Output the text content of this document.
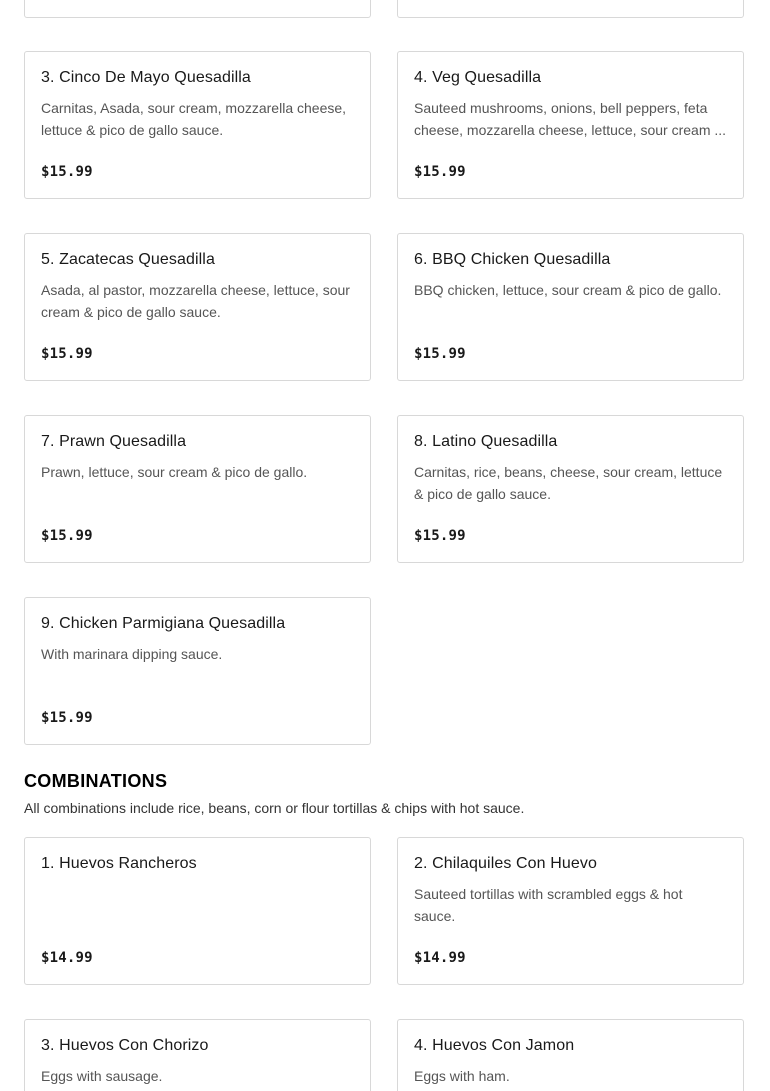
3. Cinco De Mayo Quesadilla
Carnitas, Asada, sour cream, mozzarella cheese, lettuce & pico de gallo sauce.
$15.99
4. Veg Quesadilla
Sauteed mushrooms, onions, bell peppers, feta cheese, mozzarella cheese, lettuce, sour cream ...
$15.99
5. Zacatecas Quesadilla
Asada, al pastor, mozzarella cheese, lettuce, sour cream & pico de gallo sauce.
$15.99
6. BBQ Chicken Quesadilla
BBQ chicken, lettuce, sour cream & pico de gallo.
$15.99
7. Prawn Quesadilla
Prawn, lettuce, sour cream & pico de gallo.
$15.99
8. Latino Quesadilla
Carnitas, rice, beans, cheese, sour cream, lettuce & pico de gallo sauce.
$15.99
9. Chicken Parmigiana Quesadilla
With marinara dipping sauce.
$15.99
COMBINATIONS

All combinations include rice, beans, corn or flour tortillas & chips with hot sauce.

1. Huevos Rancheros
$14.99
2. Chilaquiles Con Huevo
Sauteed tortillas with scrambled eggs & hot sauce.
$14.99
3. Huevos Con Chorizo
Eggs with sausage.
4. Huevos Con Jamon
Eggs with ham.
